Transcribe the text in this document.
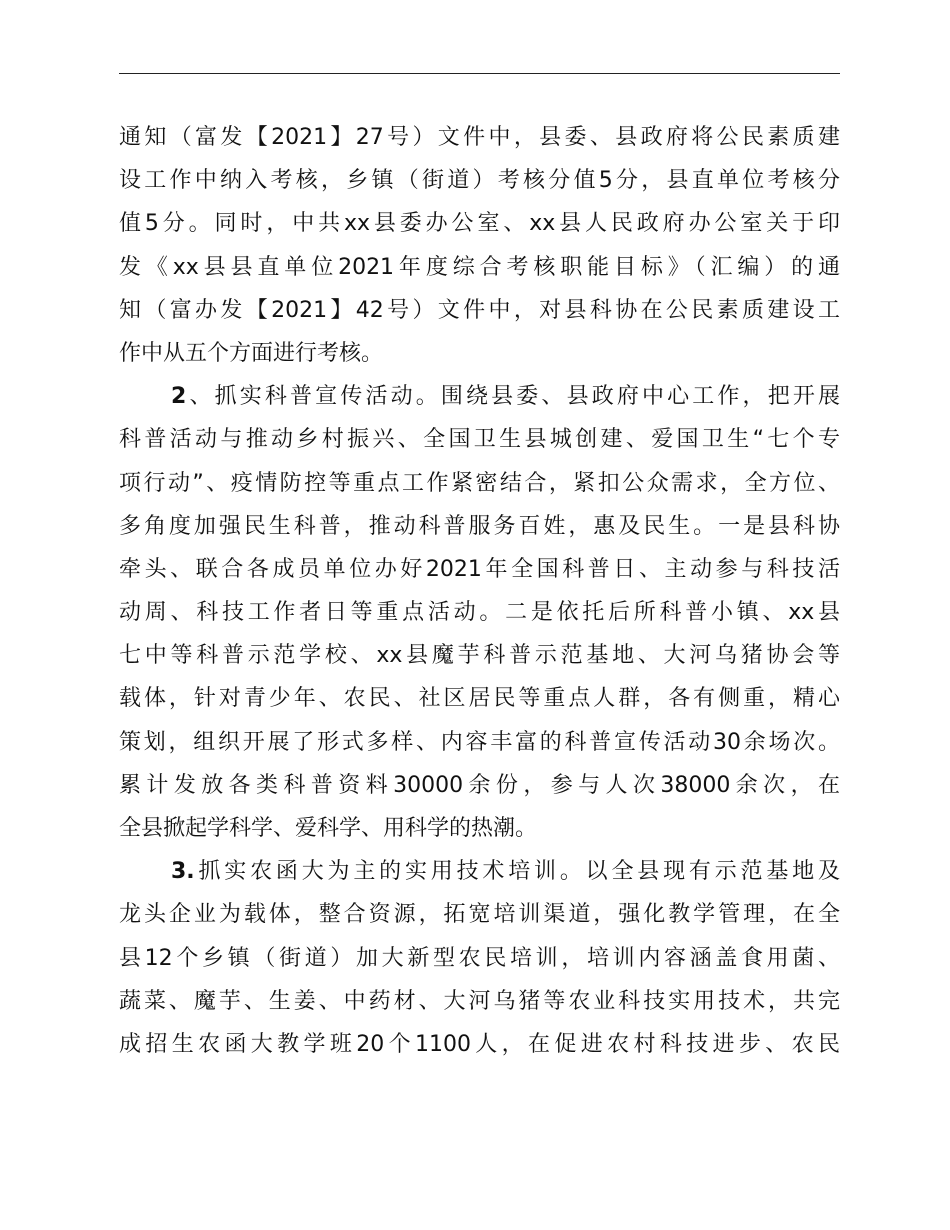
通知（富发【2021】27号）文件中，县委、县政府将公民素质建
设工作中纳入考核，乡镇（街道）考核分值5分，县直单位考核分
值5分。同时，中共xx县委办公室、xx县人民政府办公室关于印
发《xx县县直单位2021年度综合考核职能目标》（汇编）的通
知（富办发【2021】42号）文件中，对县科协在公民素质建设工
作中从五个方面进行考核。
2、抓实科普宣传活动。围绕县委、县政府中心工作，把开展
科普活动与推动乡村振兴、全国卫生县城创建、爱国卫生“七个专
项行动”、疫情防控等重点工作紧密结合，紧扣公众需求，全方位、
多角度加强民生科普，推动科普服务百姓，惠及民生。一是县科协
牵头、联合各成员单位办好2021年全国科普日、主动参与科技活
动周、科技工作者日等重点活动。二是依托后所科普小镇、xx县
七中等科普示范学校、xx县魔芋科普示范基地、大河乌猪协会等
载体，针对青少年、农民、社区居民等重点人群，各有侧重，精心
策划，组织开展了形式多样、内容丰富的科普宣传活动30余场次。
累计发放各类科普资料30000余份，参与人次38000余次，在
全县掀起学科学、爱科学、用科学的热潮。
3.抓实农函大为主的实用技术培训。以全县现有示范基地及
龙头企业为载体，整合资源，拓宽培训渠道，强化教学管理，在全
县12个乡镇（街道）加大新型农民培训，培训内容涵盖食用菌、
蔬菜、魔芋、生姜、中药材、大河乌猪等农业科技实用技术，共完
成招生农函大教学班20个1100人，在促进农村科技进步、农民
